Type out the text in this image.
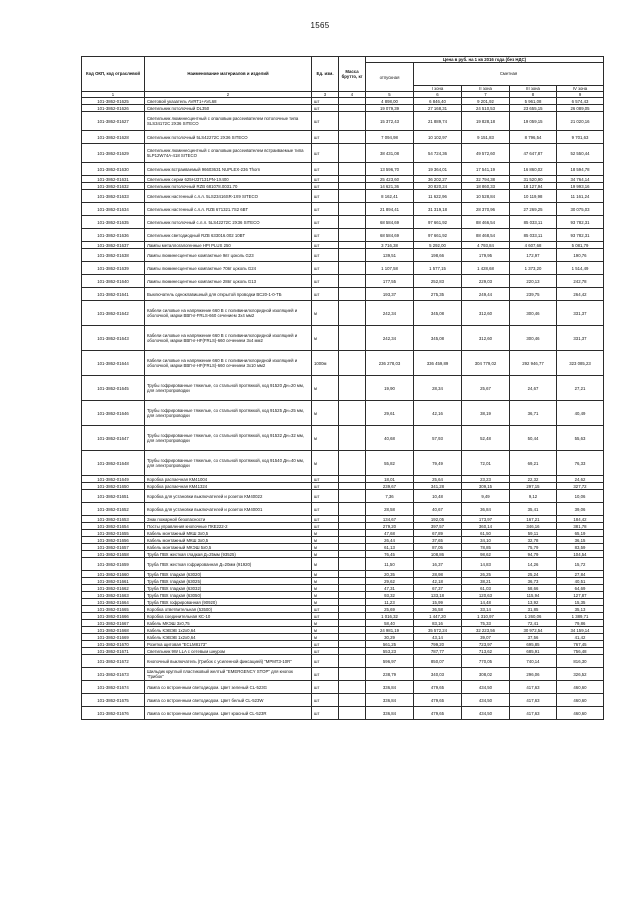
1565
Код ОКП, код отраслевой	Наименование материалов и изделий	Ед. изм.	Масса брутто, кг	Цена в руб. на 1 кв 2016 года (без НДС)				
				отпускная	Сметная			
					I зона	II зона	III зона	IV зона
1	2	3	4	5	6	7	8	9
101-3862-01625	Световой указатель AVRT1+AVL68	шт		4 898,00	6 846,40	9 201,92	5 961,08	6 574,43
101-3862-01626	Светильник потолочный DL350	шт		19 079,39	27 168,31	24 510,53	23 655,15	26 089,05
101-3862-01627	Светильник люминесцентный с опаловым рассеивателем потолочные типа SLS34172C 2X36 SITECO	шт		15 372,43	21 889,74	19 828,18	19 059,15	21 020,16
101-3862-01628	Светильник потолочный 5LS42272C 2X36 SITECO	шт		7 094,98	10 102,97	9 151,83	8 796,54	9 701,63
101-3862-01629	Светильник люминесцентный с опаловым рассеивателем встраиваемые типа 5LP12W74A-418 SITECO	шт		38 431,08	54 724,36	49 572,60	47 647,87	52 550,44
101-3862-01630	Светильник встраиваемый 96603631 NUPLEX-236 Thorn	шт		13 596,70	19 364,01	17 541,19	16 860,02	18 594,78
101-3862-01631	Светильник серии 625HJ37131PN-1X400	шт		25 423,60	36 202,27	32 794,38	31 520,90	34 764,14
101-3862-01632	Светильник потолочный RZB 681078.0031.70	шт		14 621,36	20 820,24	18 860,33	18 127,94	19 993,16
101-3862-01633	Светильник настенный с.л.л. 5LS23416SR-1X9 SITECO	шт		8 162,41	11 622,96	10 528,84	10 119,98	11 161,24
101-3862-01634	Светильник настенный с.л.л. RZB 671321.7S2 6BT	шт		21 894,41	31 319,18	28 370,96	27 269,25	30 075,03
101-3862-01635	Светильник потолочный с.л.л. 5LS42272C 2X36 SITECO	шт		68 584,69	97 661,92	88 466,54	85 033,11	93 782,31
101-3862-01636	Светильник светодиодный RZB 633016.002 10BT	шт		68 584,69	97 661,92	88 468,54	85 033,11	93 782,31
101-3862-01637	Лампы металлогалогенные HPI PLUS 250	шт		3 716,38	5 292,00	4 793,84	4 607,68	5 081,79
101-3862-01638	Лампы люминесцентные компактные 9вт цоколь G23	шт		139,51	198,66	179,95	172,97	190,76
101-3862-01639	Лампы люминесцентные компактные 70вт цоколь G24	шт		1 107,58	1 577,15	1 428,68	1 373,20	1 514,49
101-3862-01640	Лампы люминесцентные компактные 28вт цоколь G13	шт		177,55	252,83	229,03	220,13	242,78
101-3862-01641	Выключатель одноклавишный для открытой проводки ВС20-1-0-ТБ	шт		193,37	275,35	249,44	239,75	264,42
101-3862-01642	Кабели силовые на напряжение 660 В с поливинилхлоридной изоляцией и оболочкой, марки ВВГнг-FRLS-660 сечением 3х4 мм2	м		242,34	345,08	312,60	300,46	331,37
101-3862-01643	Кабели силовые на напряжение 660 В с поливинилхлоридной изоляцией и оболочкой, марки ВВГнг-HF(FRLS)-660 сечением 3х4 мм2	м		242,34	345,08	312,60	300,46	331,37
101-3862-01644	Кабели силовые на напряжение 660 В с поливинилхлоридной изоляцией и оболочкой, марки ВВГнг-HF(FRLS)-660 сечением 3х10 мм2	1000м		236 278,03	336 459,89	304 779,02	292 946,77	323 085,23
101-3862-01645	Трубы гофрированные тяжелые, со стальной протяжкой, код 91520 Дн=20 мм, для электропроводки	м		19,90	28,34	25,67	24,67	27,21
101-3862-01646	Трубы гофрированные тяжелые, со стальной протяжкой, код 91525 Дн=25 мм, для электропроводки	м		29,61	42,16	38,19	36,71	40,49
101-3862-01647	Трубы гофрированные тяжелые, со стальной протяжкой, код 91532 Дн=32 мм, для электропроводки	м		40,68	57,93	52,48	50,44	55,63
101-3862-01648	Трубы гофрированные тяжелые, со стальной протяжкой, код 91540 Дн=40 мм, для электропроводки	м		55,82	79,49	72,01	69,21	76,33
101-3862-01649	Коробка распаечная КМ41004	шт		18,01	25,64	23,23	22,32	24,62
101-3862-01650	Коробка распаечная КМ41324	шт		239,67	341,28	309,15	297,15	327,72
101-3862-01651	Коробка для установки выключателей и розеток КМ40022	шт		7,36	10,48	9,49	9,12	10,06
101-3862-01652	Коробка для установки выключателей и розеток КМ40001	шт		28,58	40,67	36,84	35,41	39,06
101-3862-01653	Знак пожарной безопасности	шт		134,67	192,05	173,97	167,21	184,42
101-3862-01654	Посты управления кнопочные ПКЕ222-2	шт		279,20	397,57	360,14	346,16	381,78
101-3862-01655	Кабель монтажный МКШ 3х0,5	м		47,68	67,89	61,50	59,11	65,19
101-3862-01656	Кабель монтажный МКШ 3х0,5	м		26,44	37,65	34,10	32,78	36,15
101-3862-01657	Кабель монтажный МКЭШ 5х0,5	м		61,13	87,05	78,85	75,79	83,59
101-3862-01658	Труба ПВХ жесткая гладкая Д=25мм (93525)	м		76,45	108,86	98,62	94,79	104,54
101-3862-01659	Труба ПВХ жесткая гофрированная Д=20мм (91920)	м		11,50	16,37	14,83	14,26	15,72
101-3862-01660	Труба ПВХ гладкая (63020)	м		20,35	28,98	26,25	25,24	27,84
101-3862-01661	Труба ПВХ гладкая (63025)	м		29,62	42,18	38,21	36,73	40,51
101-3862-01662	Труба ПВХ гладкая (63032)	м		47,31	67,37	61,03	58,66	64,69
101-3862-01663	Труба ПВХ гладкая (63050)	м		93,32	133,18	120,63	115,94	127,87
101-3862-01664	Труба ПВХ гофрированная (90920)	м		11,23	15,99	14,48	13,92	15,35
101-3862-01665	Коробка ответвительная (53500)	шт		25,69	36,58	33,14	31,85	35,13
101-3862-01666	Коробка соединительная КС-10	шт		1 016,32	1 447,20	1 310,97	1 260,06	1 389,71
101-3862-01667	Кабель МКЭШ 3х0,75	м		58,40	83,16	75,33	72,41	79,86
101-3862-01668	Кабель КЭВЭВ 1х2х0,64	м		24 981,19	35 572,24	32 223,56	30 972,54	34 159,14
101-3862-01669	Кабель КЭВЭВ 1х2х0,64	м		30,29	43,14	39,07	37,56	41,42
101-3862-01670	Розетка щитовая "ЕСLM8173"	шт		561,25	799,20	723,97	695,85	767,45
101-3862-01671	Светильник 9W LLA с сетевым шнуром	шт		553,23	787,77	713,62	685,91	756,48
101-3862-01672	Кнопочный выключатель (Грибок с усиленной фиксацией) "МРМТЗ-10R"	шт		596,97	850,07	770,05	740,14	816,30
101-3862-01673	Шильдик круглый пластиковый желтый "EMERGENCY STOP" для кнопок "Грибок"	шт		238,79	340,03	308,02	296,06	326,52
101-3862-01674	Лампа со встроенным светодиодом. Цвет зеленый CL-523G	шт		336,84	479,65	434,50	417,63	460,60
101-3862-01675	Лампа со встроенным светодиодом. Цвет белый CL-523W	шт		336,84	479,65	434,50	417,63	460,60
101-3862-01676	Лампа со встроенным светодиодом. Цвет красный CL-523R	шт		336,84	479,65	434,50	417,63	460,60
